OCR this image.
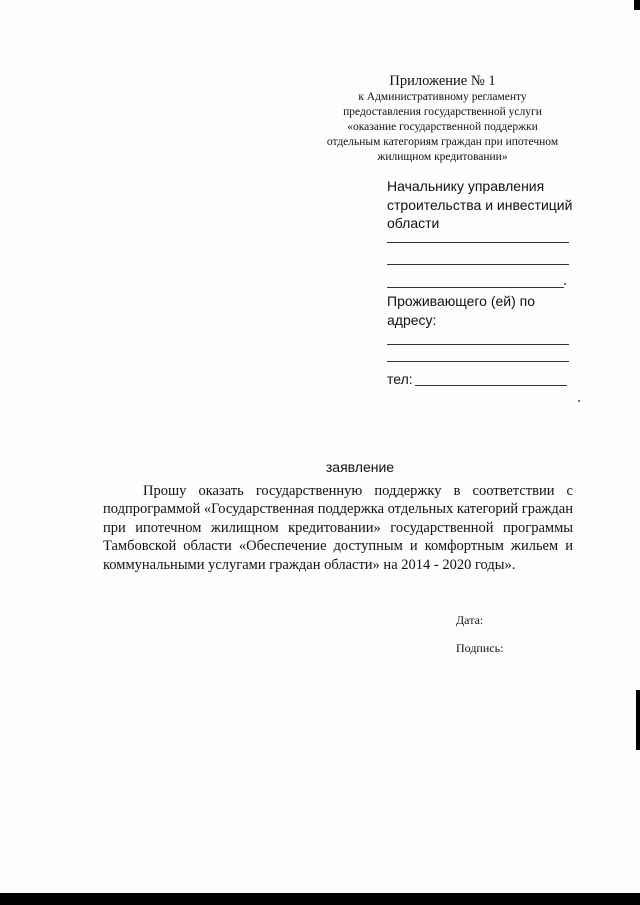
Приложение № 1
к Административному регламенту
предоставления государственной услуги
«оказание государственной поддержки
отдельным категориям граждан при ипотечном
жилищном кредитовании»
Начальнику управления
строительства и инвестиций
области
Проживающего (ей) по
адресу:
тел:
заявление
Прошу оказать государственную поддержку в соответствии с подпрограммой «Государственная поддержка отдельных категорий граждан при ипотечном жилищном кредитовании» государственной программы Тамбовской области «Обеспечение доступным и комфортным жильем и коммунальными услугами граждан области» на 2014 - 2020 годы».
Дата:
Подпись:
